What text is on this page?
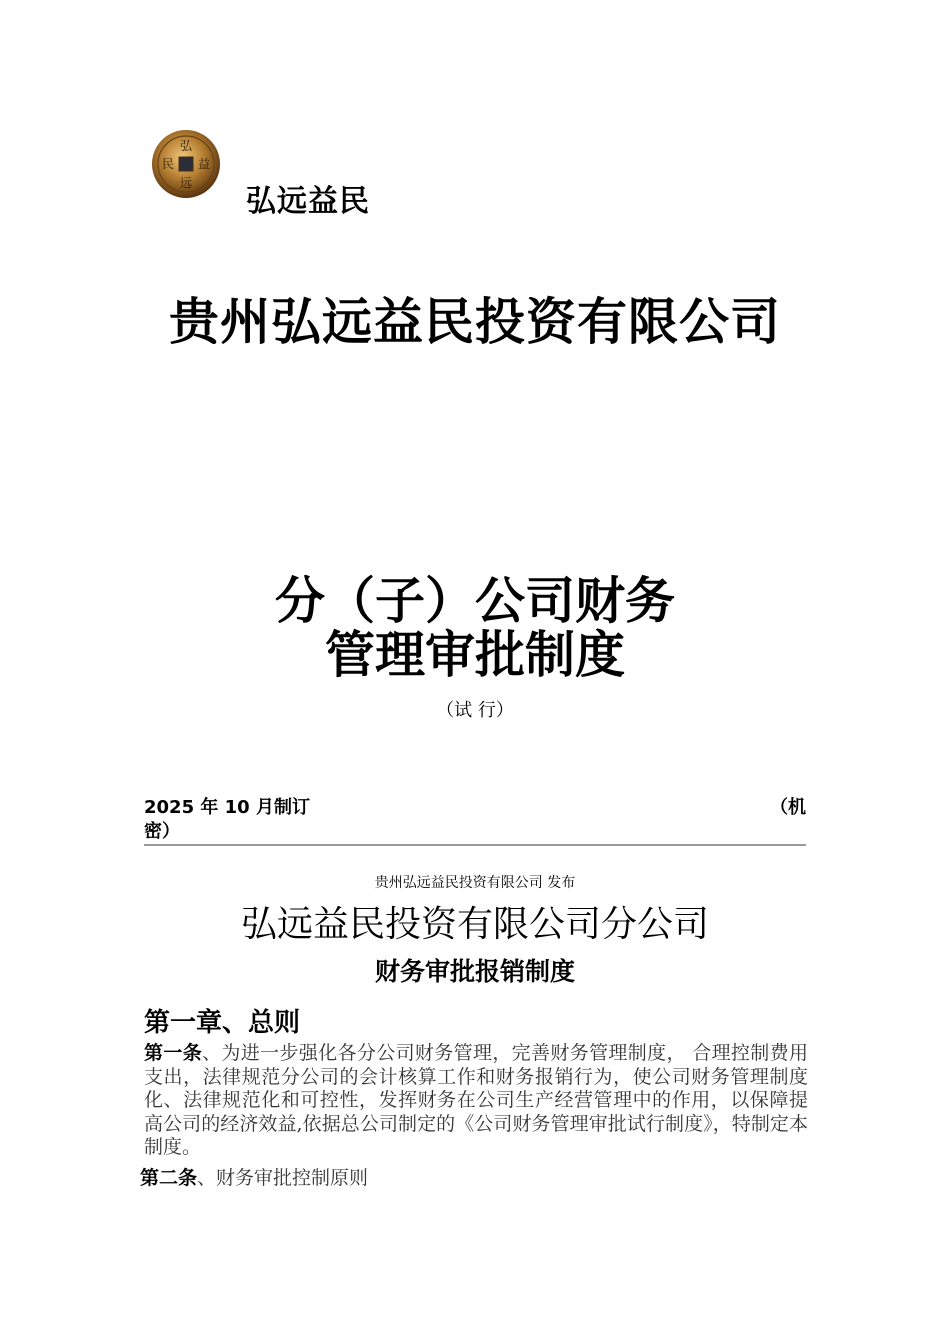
弘
益
远
民
弘远益民
贵州弘远益民投资有限公司
分（子）公司财务
管理审批制度
（试 行）
2025 年 10 月制订	（机
密）
贵州弘远益民投资有限公司 发布
弘远益民投资有限公司分公司
财务审批报销制度
第一章、总则
第一条、为进一步强化各分公司财务管理，完善财务管理制度， 合理控制费用支出，法律规范分公司的会计核算工作和财务报销行为，使公司财务管理制度化、法律规范化和可控性，发挥财务在公司生产经营管理中的作用，以保障提高公司的经济效益,依据总公司制定的《公司财务管理审批试行制度》，特制定本制度。
第二条、财务审批控制原则
